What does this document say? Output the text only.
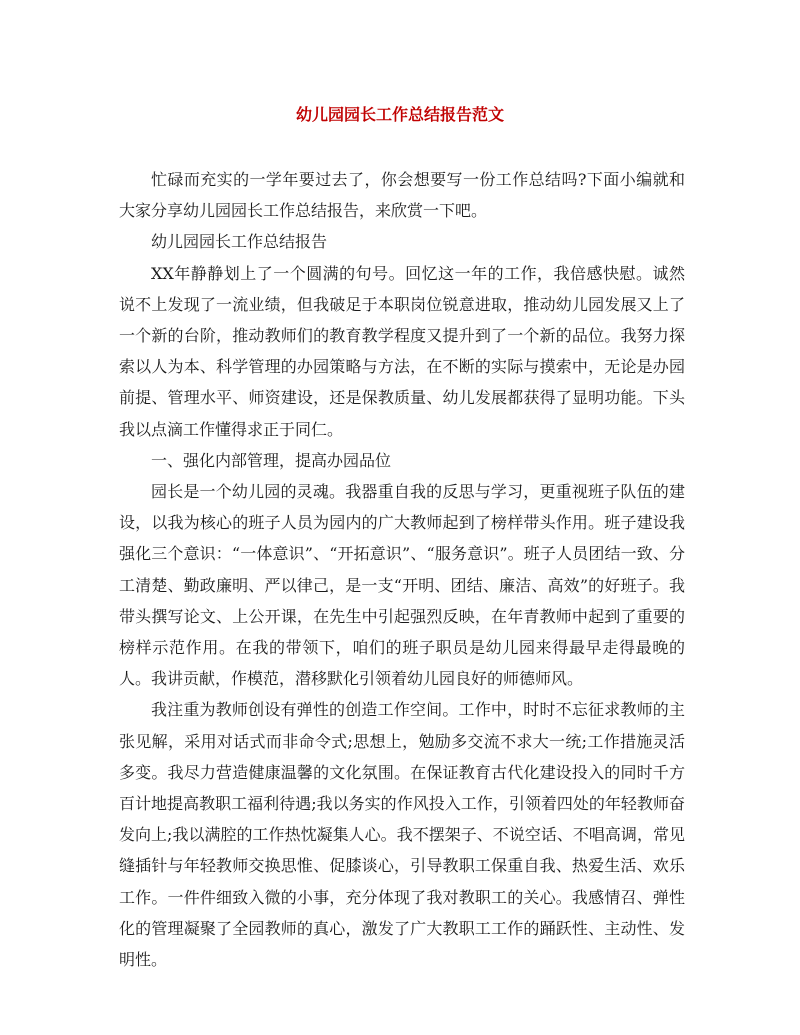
幼儿园园长工作总结报告范文

忙碌而充实的一学年要过去了，你会想要写一份工作总结吗?下面小编就和大家分享幼儿园园长工作总结报告，来欣赏一下吧。

幼儿园园长工作总结报告

XX年静静划上了一个圆满的句号。回忆这一年的工作，我倍感快慰。诚然说不上发现了一流业绩，但我破足于本职岗位锐意进取，推动幼儿园发展又上了一个新的台阶，推动教师们的教育教学程度又提升到了一个新的品位。我努力探索以人为本、科学管理的办园策略与方法，在不断的实际与摸索中，无论是办园前提、管理水平、师资建设，还是保教质量、幼儿发展都获得了显明功能。下头我以点滴工作懂得求正于同仁。

一、强化内部管理，提高办园品位

园长是一个幼儿园的灵魂。我器重自我的反思与学习，更重视班子队伍的建设，以我为核心的班子人员为园内的广大教师起到了榜样带头作用。班子建设我强化三个意识：“一体意识”、“开拓意识”、“服务意识”。班子人员团结一致、分工清楚、勤政廉明、严以律己，是一支“开明、团结、廉洁、高效”的好班子。我带头撰写论文、上公开课，在先生中引起强烈反映，在年青教师中起到了重要的榜样示范作用。在我的带领下，咱们的班子职员是幼儿园来得最早走得最晚的人。我讲贡献，作模范，潜移默化引领着幼儿园良好的师德师风。

我注重为教师创设有弹性的创造工作空间。工作中，时时不忘征求教师的主张见解，采用对话式而非命令式;思想上，勉励多交流不求大一统;工作措施灵活多变。我尽力营造健康温馨的文化氛围。在保证教育古代化建设投入的同时千方百计地提高教职工福利待遇;我以务实的作风投入工作，引领着四处的年轻教师奋发向上;我以满腔的工作热忱凝集人心。我不摆架子、不说空话、不唱高调，常见缝插针与年轻教师交换思惟、促膝谈心，引导教职工保重自我、热爱生活、欢乐工作。一件件细致入微的小事，充分体现了我对教职工的关心。我感情召、弹性化的管理凝聚了全园教师的真心，激发了广大教职工工作的踊跃性、主动性、发明性。
